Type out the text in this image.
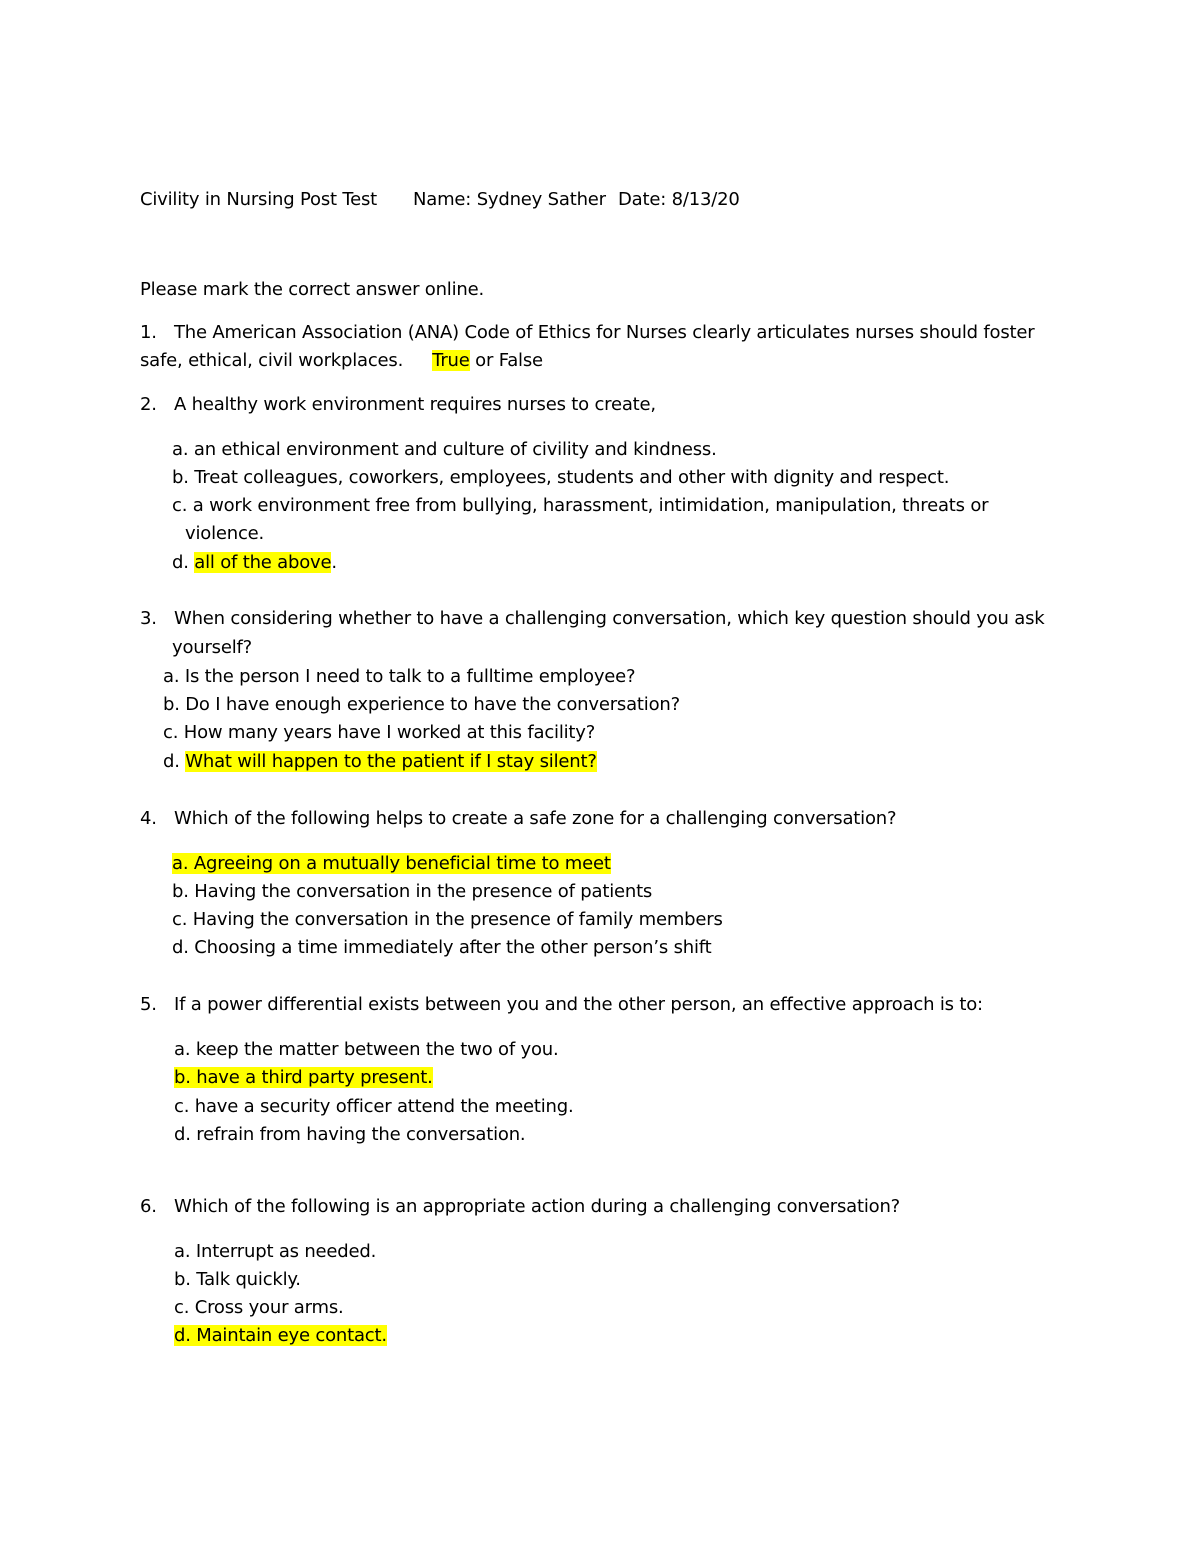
Civility in Nursing Post Test Name: Sydney Sather Date: 8/13/20
Please mark the correct answer online.
1. The American Association (ANA) Code of Ethics for Nurses clearly articulates nurses should foster
safe, ethical, civil workplaces. True or False
2. A healthy work environment requires nurses to create,
a. an ethical environment and culture of civility and kindness.
b. Treat colleagues, coworkers, employees, students and other with dignity and respect.
c. a work environment free from bullying, harassment, intimidation, manipulation, threats or
violence.
d. all of the above.
3. When considering whether to have a challenging conversation, which key question should you ask
yourself?
a. Is the person I need to talk to a fulltime employee?
b. Do I have enough experience to have the conversation?
c. How many years have I worked at this facility?
d. What will happen to the patient if I stay silent?
4. Which of the following helps to create a safe zone for a challenging conversation?
a. Agreeing on a mutually beneficial time to meet
b. Having the conversation in the presence of patients
c. Having the conversation in the presence of family members
d. Choosing a time immediately after the other person’s shift
5. If a power differential exists between you and the other person, an effective approach is to:
a. keep the matter between the two of you.
b. have a third party present.
c. have a security officer attend the meeting.
d. refrain from having the conversation.
6. Which of the following is an appropriate action during a challenging conversation?
a. Interrupt as needed.
b. Talk quickly.
c. Cross your arms.
d. Maintain eye contact.
